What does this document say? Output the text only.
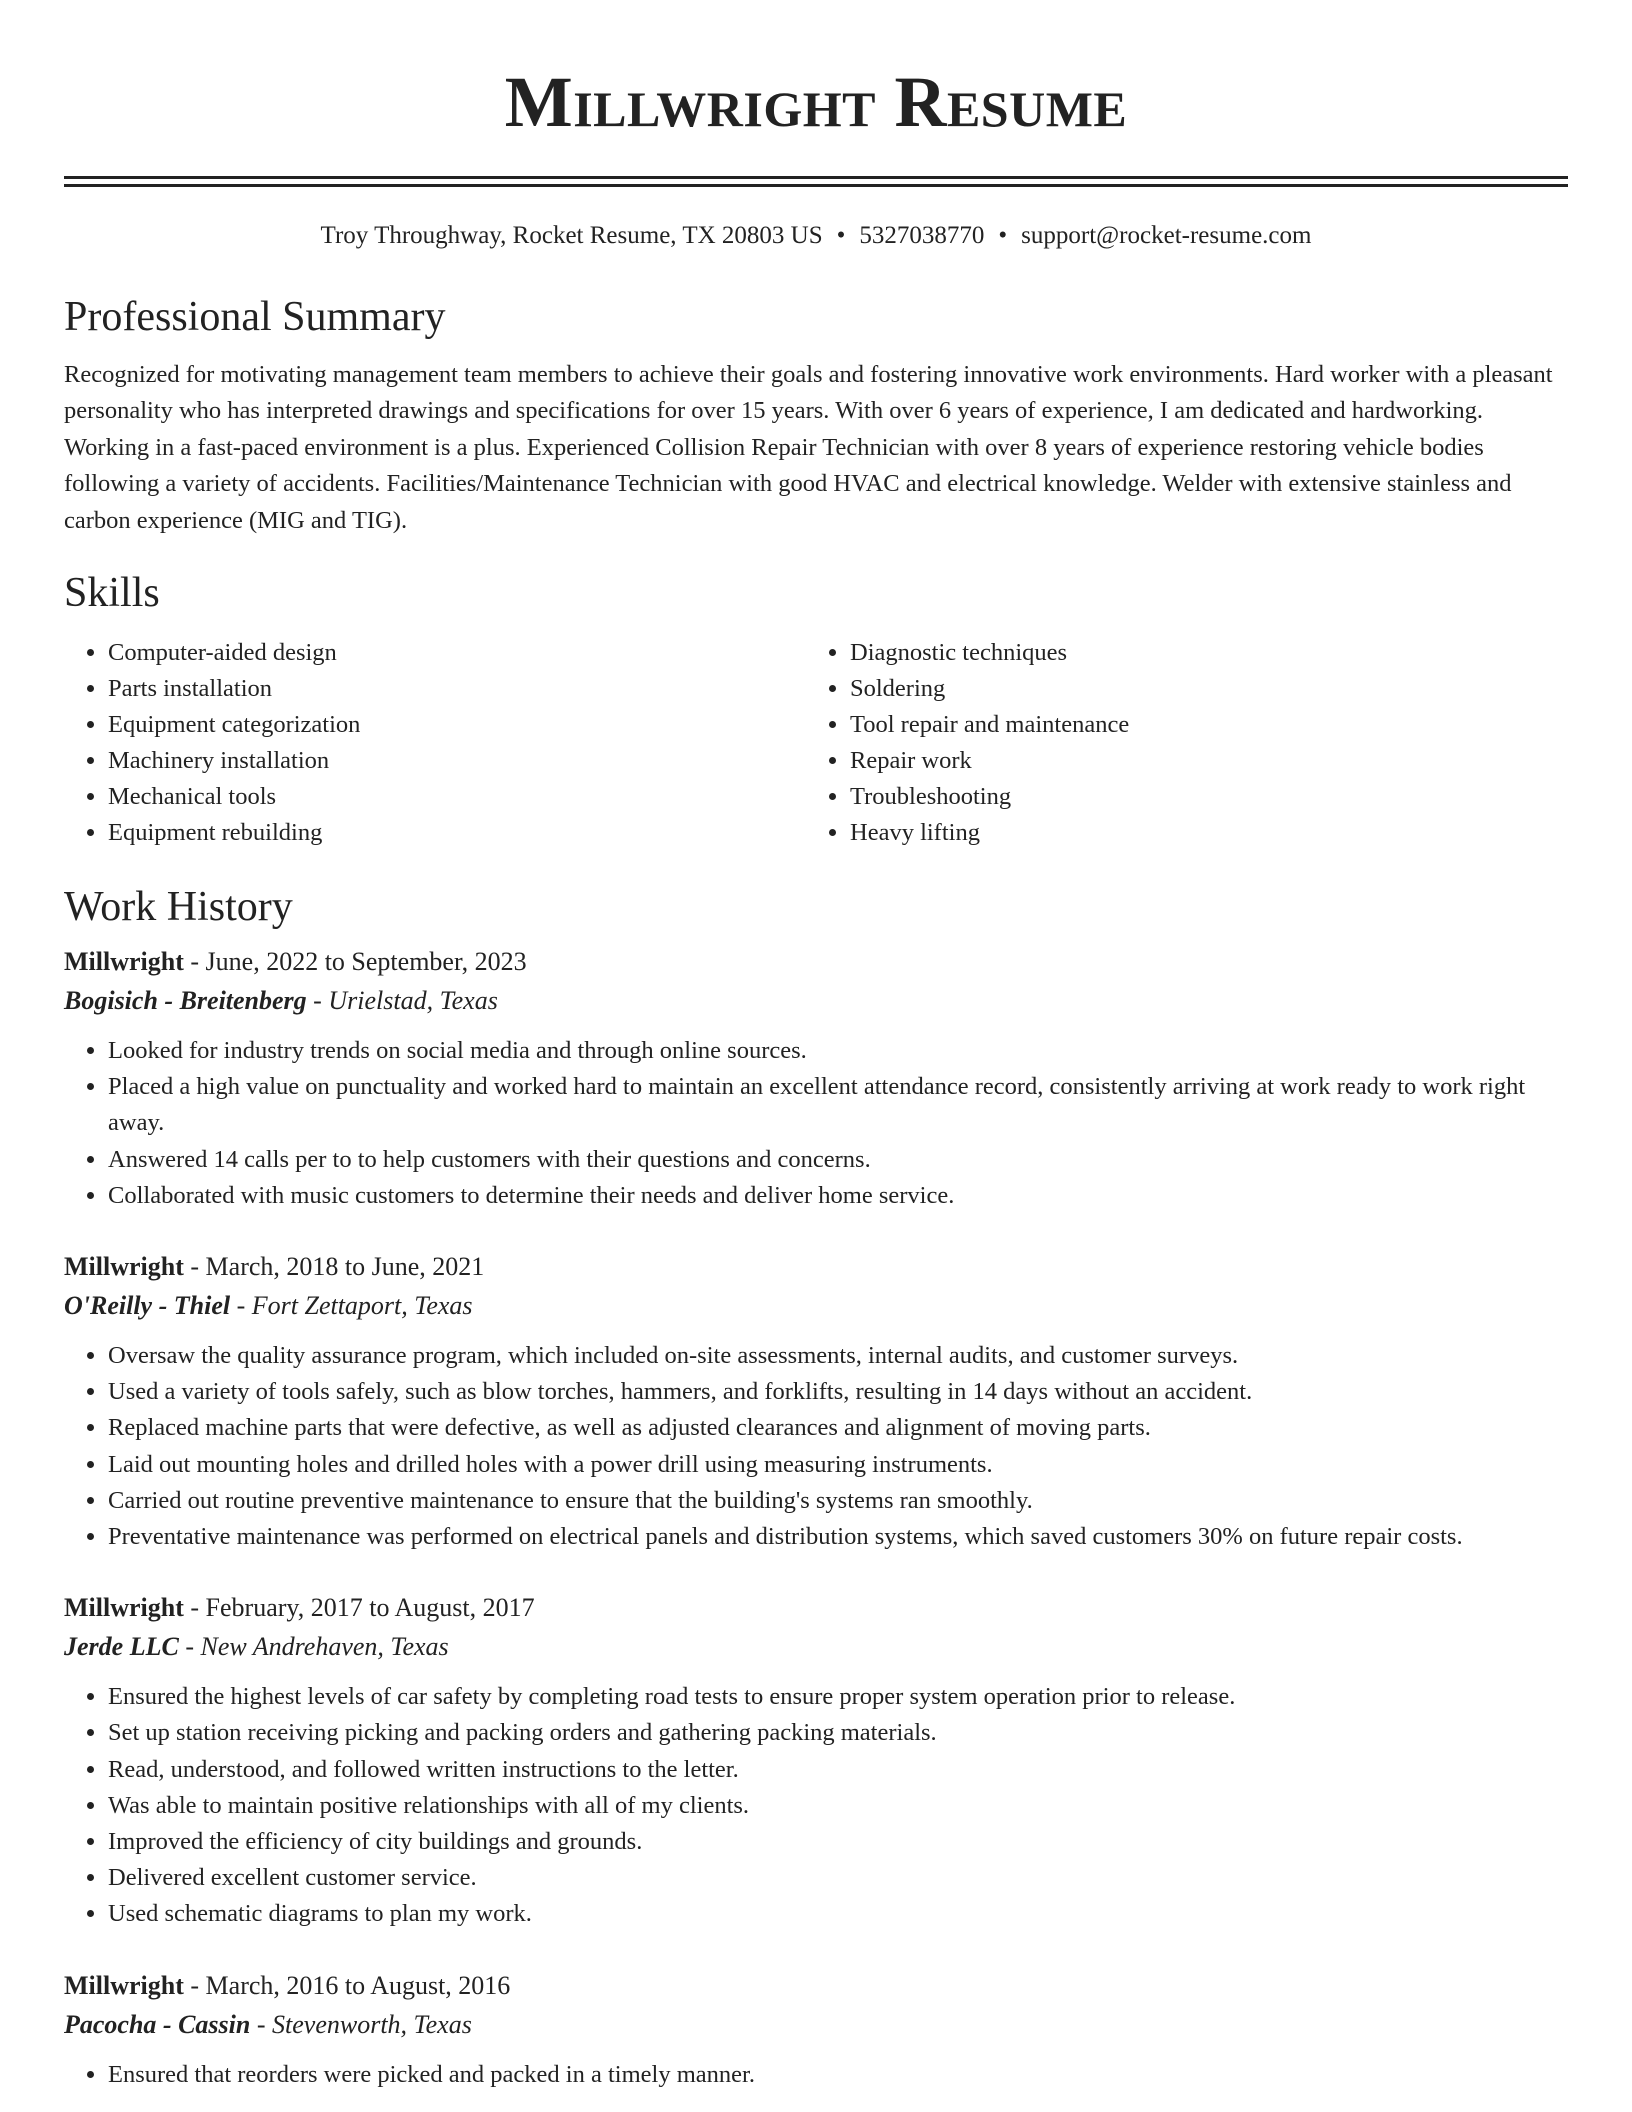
Millwright Resume
Troy Throughway, Rocket Resume, TX 20803 US • 5327038770 • support@rocket-resume.com
Professional Summary

Recognized for motivating management team members to achieve their goals and fostering innovative work environments. Hard worker with a pleasant personality who has interpreted drawings and specifications for over 15 years. With over 6 years of experience, I am dedicated and hardworking. Working in a fast-paced environment is a plus. Experienced Collision Repair Technician with over 8 years of experience restoring vehicle bodies following a variety of accidents. Facilities/Maintenance Technician with good HVAC and electrical knowledge. Welder with extensive stainless and carbon experience (MIG and TIG).

Skills
• Computer-aided design
• Parts installation
• Equipment categorization
• Machinery installation
• Mechanical tools
• Equipment rebuilding
• Diagnostic techniques
• Soldering
• Tool repair and maintenance
• Repair work
• Troubleshooting
• Heavy lifting
Work History
Millwright - June, 2022 to September, 2023
Bogisich - Breitenberg - Urielstad, Texas
• Looked for industry trends on social media and through online sources.
• Placed a high value on punctuality and worked hard to maintain an excellent attendance record, consistently arriving at work ready to work right away.
• Answered 14 calls per to to help customers with their questions and concerns.
• Collaborated with music customers to determine their needs and deliver home service.
Millwright - March, 2018 to June, 2021
O'Reilly - Thiel - Fort Zettaport, Texas
• Oversaw the quality assurance program, which included on-site assessments, internal audits, and customer surveys.
• Used a variety of tools safely, such as blow torches, hammers, and forklifts, resulting in 14 days without an accident.
• Replaced machine parts that were defective, as well as adjusted clearances and alignment of moving parts.
• Laid out mounting holes and drilled holes with a power drill using measuring instruments.
• Carried out routine preventive maintenance to ensure that the building's systems ran smoothly.
• Preventative maintenance was performed on electrical panels and distribution systems, which saved customers 30% on future repair costs.
Millwright - February, 2017 to August, 2017
Jerde LLC - New Andrehaven, Texas
• Ensured the highest levels of car safety by completing road tests to ensure proper system operation prior to release.
• Set up station receiving picking and packing orders and gathering packing materials.
• Read, understood, and followed written instructions to the letter.
• Was able to maintain positive relationships with all of my clients.
• Improved the efficiency of city buildings and grounds.
• Delivered excellent customer service.
• Used schematic diagrams to plan my work.
Millwright - March, 2016 to August, 2016
Pacocha - Cassin - Stevenworth, Texas
• Ensured that reorders were picked and packed in a timely manner.
